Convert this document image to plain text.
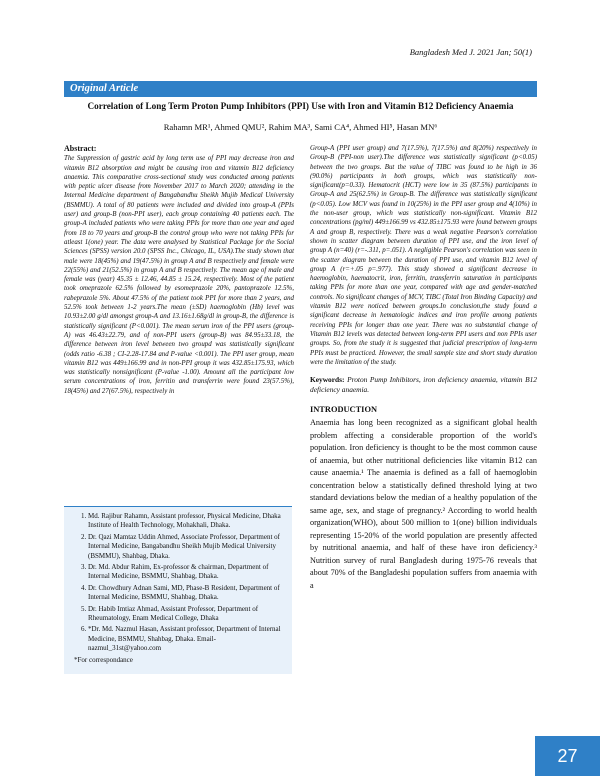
Bangladesh Med J. 2021 Jan; 50(1)
Original Article
Correlation of Long Term Proton Pump Inhibitors (PPI) Use with Iron and Vitamin B12 Deficiency Anaemia
Rahamn MR¹, Ahmed QMU², Rahim MA³, Sami CA⁴, Ahmed HI⁵, Hasan MN⁶
Abstract:
The Suppression of gastric acid by long term use of PPI may decrease iron and vitamin B12 absorption and might be causing iron and vitamin B12 deficiency anaemia. This comparative cross-sectional study was conducted among patients with peptic ulcer disease from November 2017 to March 2020; attending in the Internal Medicine department of Bangabandhu Sheikh Mujib Medical University (BSMMU). A total of 80 patients were included and divided into group-A (PPIs user) and group-B (non-PPI user), each group containing 40 patients each. The group-A included patients who were taking PPIs for more than one year and aged from 18 to 70 years and group-B the control group who were not taking PPIs for atleast 1(one) year. The data were analysed by Statistical Package for the Social Sciences (SPSS) version 20.0 (SPSS Inc., Chicago, IL, USA).The study shown that male were 18(45%) and 19(47.5%) in group A and B respectively and female were 22(55%) and 21(52.5%) in group A and B respectively. The mean age of male and female was (year) 45.35 ± 12.46, 44.85 ± 15.24, respectively. Most of the patient took omeprazole 62.5% followed by esomeprazole 20%, pantoprazole 12.5%, rabeprazole 5%. About 47.5% of the patient took PPI for more than 2 years, and 52.5% took between 1-2 years.The mean (±SD) haemoglobin (Hb) level was 10.93±2.00 g/dl amongst group-A and 13.16±1.68g/dl in group-B, the difference is statistically significant (P<0.001). The mean serum iron of the PPI users (group-A) was 46.43±22.79, and of non-PPI users (group-B) was 84.95±33.18, the difference between iron level between two groupd was statistically significant (odds ratio -6.38 ; CI-2.28-17.84 and P-value <0.001). The PPI user group, mean vitamin B12 was 449±166.99 and in non-PPI group it was 432.85±175.93, which was statistically nonsignificant (P-value -1.00). Amount all the participant low serum concentrations of iron, ferritin and transferrin were found 23(57.5%), 18(45%) and 27(67.5%), respectively in
Group-A (PPI user group) and 7(17.5%), 7(17.5%) and 8(20%) respectively in Group-B (PPI-non user).The difference was statistically significant (p<0.05) between the two groups. But the value of TIBC was found to be high in 36 (90.0%) participants in both groups, which was statistically non-significant(p=0.33). Hematocrit (HCT) were low in 35 (87.5%) participants in Group-A and 25(62.5%) in Group-B. The difference was statistically significant (p<0.05). Low MCV was found in 10(25%) in the PPI user group and 4(10%) in the non-user group, which was statistically non-significant. Vitamin B12 concentrations (pg/ml) 449±166.99 vs 432.85±175.93 were found between groups A and group B, respectively. There was a weak negative Pearson's correlation shown in scatter diagram between duration of PPI use, and the iron level of group A (n=40) (r=-.311, p=.051). A negligible Pearson's correlation was seen in the scatter diagram between the duration of PPI use, and vitamin B12 level of group A (r=+.05 p=.977). This study showed a significant decrease in haemoglobin, haematocrit, iron, ferritin, transferrin saturation in participants taking PPIs for more than one year, compared with age and gender-matched controls. No significant changes of MCV, TIBC (Total Iron Binding Capacity) and vitamin B12 were noticed between groups.In conclusion,the study found a significant decrease in hematologic indices and iron profile among patients receiving PPIs for longer than one year. There was no substantial change of Vitamin B12 levels was detected between long-term PPI users and non PPIs user groups. So, from the study it is suggested that judicial prescription of long-term PPIs must be practiced. However, the small sample size and short study duration were the limitation of the study.
Keywords: Proton Pump Inhibitors, iron deficiency anaemia, vitamin B12 deficiency anaemia.
INTRODUCTION
Anaemia has long been recognized as a significant global health problem affecting a considerable proportion of the world's population. Iron deficiency is thought to be the most common cause of anaemia, but other nutritional deficiencies like vitamin B12 can cause anaemia.¹ The anaemia is defined as a fall of haemoglobin concentration below a statistically defined threshold lying at two standard deviations below the median of a healthy population of the same age, sex, and stage of pregnancy.² According to world health organization(WHO), about 500 million to 1(one) billion individuals representing 15-20% of the world population are presently affected by nutritional anaemia, and half of these have iron deficiency.³ Nutrition survey of rural Bangladesh during 1975-76 reveals that about 70% of the Bangladeshi population suffers from anaemia with a
1. Md. Rajibur Rahamn, Assistant professor, Physical Medicine, Dhaka Institute of Health Technology, Mohakhali, Dhaka.
2. Dr. Qazi Mamtaz Uddin Ahmed, Associate Professor, Department of Internal Medicine, Bangabandhu Sheikh Mujib Medical University (BSMMU), Shahbag, Dhaka.
3. Dr. Md. Abdur Rahim, Ex-professor & chairman, Department of Internal Medicine, BSMMU, Shahbag, Dhaka.
4. Dr. Chowdhury Adnan Sami, MD, Phase-B Resident, Department of Internal Medicine, BSMMU, Shahbag, Dhaka.
5. Dr. Habib Imtiaz Ahmad, Assistant Professor, Department of Rheumatology, Enam Medical College, Dhaka
6. *Dr. Md. Nazmul Hasan, Assistant professor, Department of Internal Medicine, BSMMU, Shahbag, Dhaka. Email- nazmul_31st@yahoo.com
*For correspondance
27
